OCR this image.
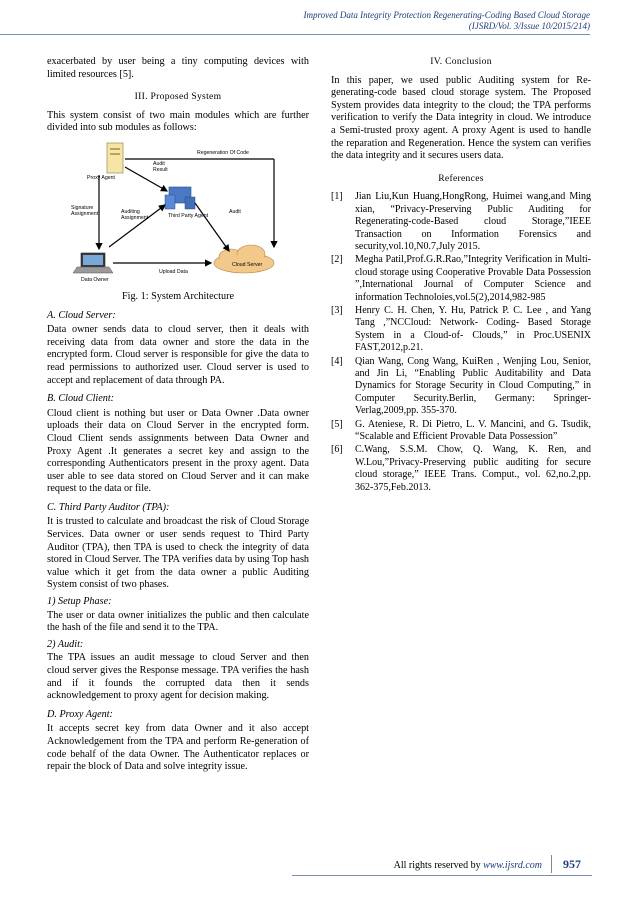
Improved Data Integrity Protection Regenerating-Coding Based Cloud Storage
(IJSRD/Vol. 3/Issue 10/2015/214)

exacerbated by user being a tiny computing devices with limited resources [5].

III. Proposed System

This system consist of two main modules which are further divided into sub modules as follows:

Proxy Agent
Audit Result
Regeneration Of Code
Signature Assignment	Auditing Assignment	Third Party Agent
Audit
Upload Data
Cloud Server
Data Owner
Fig. 1: System Architecture
A. Cloud Server:

Data owner sends data to cloud server, then it deals with receiving data from data owner and store the data in the encrypted form. Cloud server is responsible for give the data to read permissions to authorized user. Cloud server is used to accept and replacement of data through PA.

B. Cloud Client:

Cloud client is nothing but user or Data Owner .Data owner uploads their data on Cloud Server in the encrypted form. Cloud Client sends assignments between Data Owner and Proxy Agent .It generates a secret key and assign to the corresponding Authenticators present in the proxy agent. Data user able to see data stored on Cloud Server and it can make request to the data or file.

C. Third Party Auditor (TPA):

It is trusted to calculate and broadcast the risk of Cloud Storage Services. Data owner or user sends request to Third Party Auditor (TPA), then TPA is used to check the integrity of data stored in Cloud Server. The TPA verifies data by using Top hash value which it get from the data owner a public Auditing System consist of two phases.

1) Setup Phase:

The user or data owner initializes the public and then calculate the hash of the file and send it to the TPA.

2) Audit:

The TPA issues an audit message to cloud Server and then cloud server gives the Response message. TPA verifies the hash and if it founds the corrupted data then it sends acknowledgement to proxy agent for decision making.

D. Proxy Agent:

It accepts secret key from data Owner and it also accept Acknowledgement from the TPA and perform Re-generation of code behalf of the data Owner. The Authenticator replaces or repair the block of Data and solve integrity issue.

IV. Conclusion

In this paper, we used public Auditing system for Re-generating-code based cloud storage system. The Proposed System provides data integrity to the cloud; the TPA performs verification to verify the Data integrity in cloud. We introduce a Semi-trusted proxy agent. A proxy Agent is used to handle the reparation and Regeneration. Hence the system can verifies the data integrity and it secures users data.

References
[1] Jian Liu,Kun Huang,HongRong, Huimei wang,and Ming xian, “Privacy-Preserving Public Auditing for Regenerating-code-Based cloud Storage,”IEEE Transaction on Information Forensics and security,vol.10,N0.7,July 2015.
[2] Megha Patil,Prof.G.R.Rao,”Integrity Verification in Multi-cloud storage using Cooperative Provable Data Possession ”,International Journal of Computer Science and information Technoloies,vol.5(2),2014,982-985
[3] Henry C. H. Chen, Y. Hu, Patrick P. C. Lee , and Yang Tang ,”NCCloud: Network- Coding- Based Storage System in a Cloud-of- Clouds,” in Proc.USENIX FAST,2012,p.21.
[4] Qian Wang, Cong Wang, KuiRen , Wenjing Lou, Senior, and Jin Li, “Enabling Public Auditability and Data Dynamics for Storage Security in Cloud Computing,” in Computer Security.Berlin, Germany: Springer-Verlag,2009,pp. 355-370.
[5] G. Ateniese, R. Di Pietro, L. V. Mancini, and G. Tsudik, “Scalable and Efficient Provable Data Possession”
[6] C.Wang, S.S.M. Chow, Q. Wang, K. Ren, and W.Lou,”Privacy-Preserving public auditing for secure cloud storage,” IEEE Trans. Comput., vol. 62,no.2,pp. 362-375,Feb.2013.
All rights reserved by www.ijsrd.com	957
